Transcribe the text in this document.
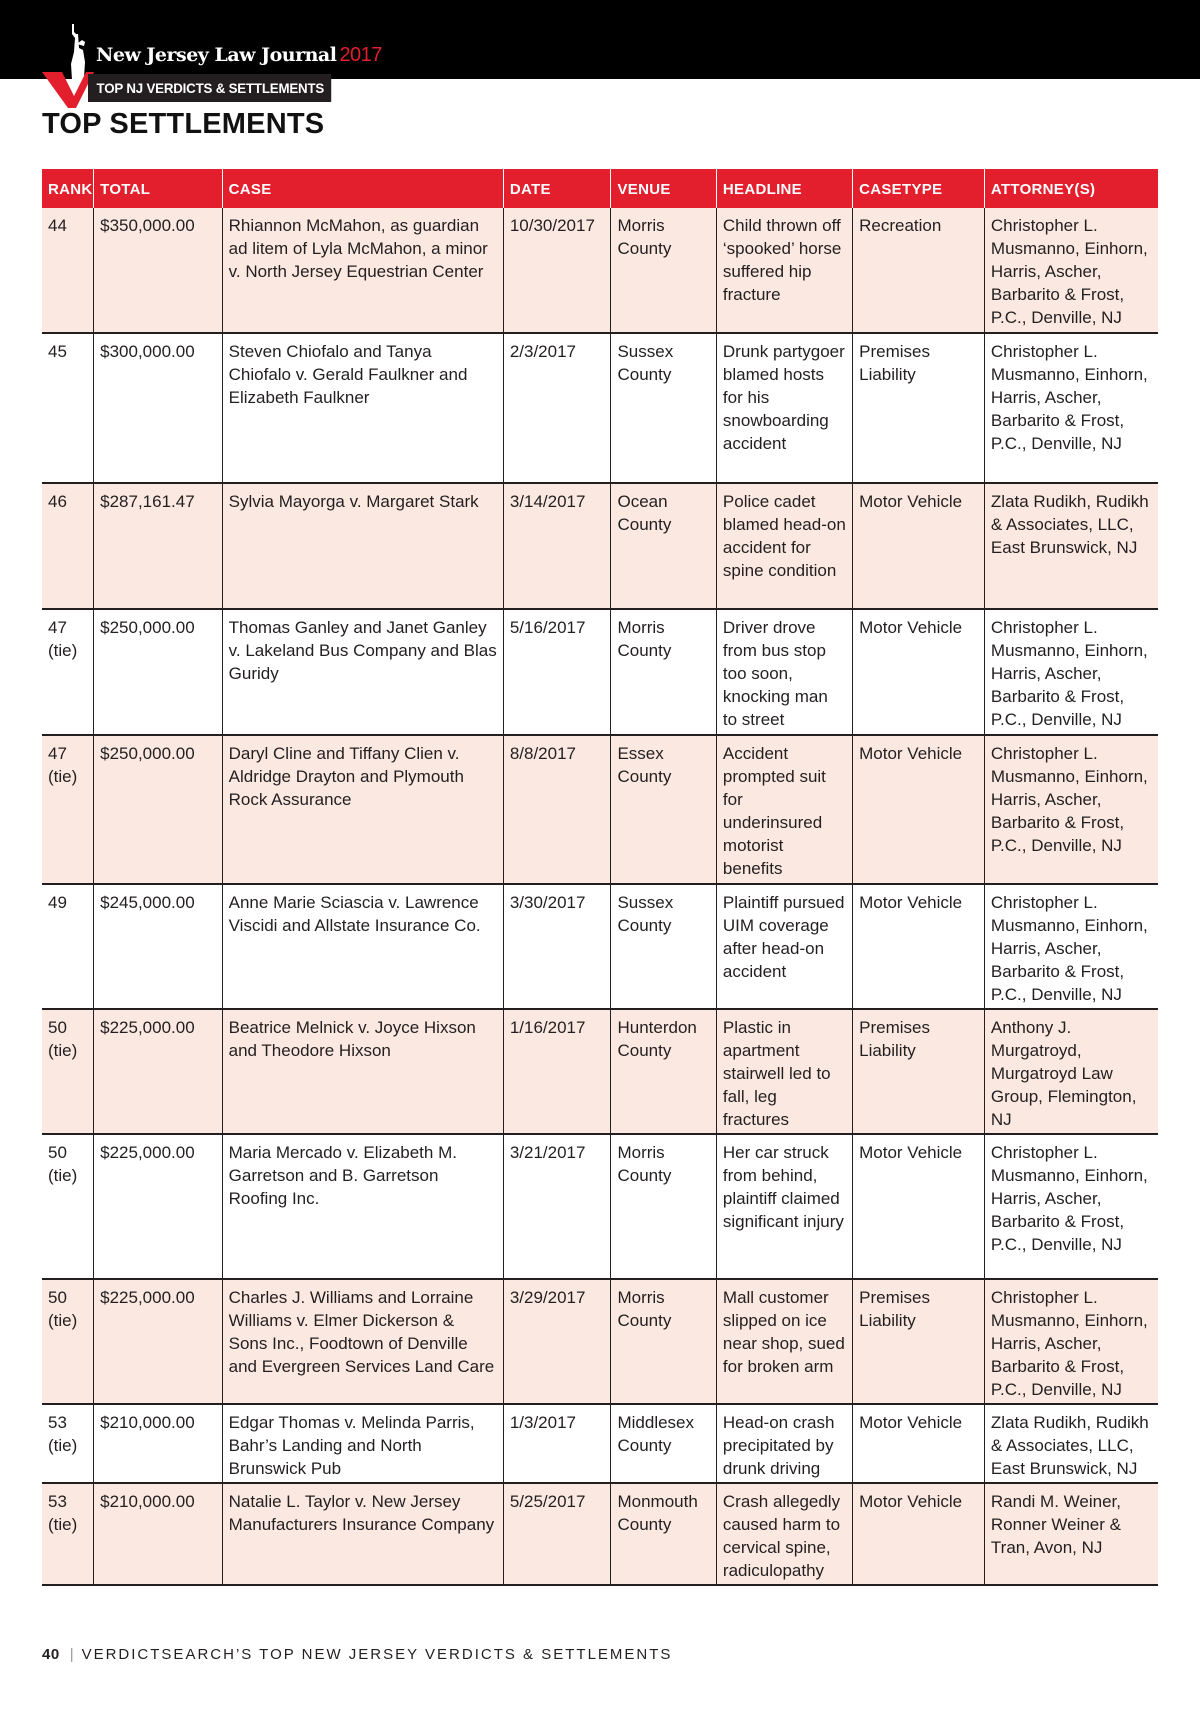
New Jersey Law Journal 2017
TOP NJ VERDICTS & SETTLEMENTS
TOP SETTLEMENTS
RANK	TOTAL	CASE	DATE	VENUE	HEADLINE	CASETYPE	ATTORNEY(S)
44	$350,000.00	Rhiannon McMahon, as guardian ad litem of Lyla McMahon, a minor v. North Jersey Equestrian Center	10/30/2017	Morris County	Child thrown off ‘spooked’ horse suffered hip fracture	Recreation	Christopher L. Musmanno, Einhorn, Harris, Ascher, Barbarito & Frost, P.C., Denville, NJ
45	$300,000.00	Steven Chiofalo and Tanya Chiofalo v. Gerald Faulkner and Elizabeth Faulkner	2/3/2017	Sussex County	Drunk partygoer blamed hosts for his snowboarding accident	Premises Liability	Christopher L. Musmanno, Einhorn, Harris, Ascher, Barbarito & Frost, P.C., Denville, NJ
46	$287,161.47	Sylvia Mayorga v. Margaret Stark	3/14/2017	Ocean County	Police cadet blamed head-on accident for spine condition	Motor Vehicle	Zlata Rudikh, Rudikh & Associates, LLC, East Brunswick, NJ
47 (tie)	$250,000.00	Thomas Ganley and Janet Ganley v. Lakeland Bus Company and Blas Guridy	5/16/2017	Morris County	Driver drove from bus stop too soon, knocking man to street	Motor Vehicle	Christopher L. Musmanno, Einhorn, Harris, Ascher, Barbarito & Frost, P.C., Denville, NJ
47 (tie)	$250,000.00	Daryl Cline and Tiffany Clien v. Aldridge Drayton and Plymouth Rock Assurance	8/8/2017	Essex County	Accident prompted suit for underinsured motorist benefits	Motor Vehicle	Christopher L. Musmanno, Einhorn, Harris, Ascher, Barbarito & Frost, P.C., Denville, NJ
49	$245,000.00	Anne Marie Sciascia v. Lawrence Viscidi and Allstate Insurance Co.	3/30/2017	Sussex County	Plaintiff pursued UIM coverage after head-on accident	Motor Vehicle	Christopher L. Musmanno, Einhorn, Harris, Ascher, Barbarito & Frost, P.C., Denville, NJ
50 (tie)	$225,000.00	Beatrice Melnick v. Joyce Hixson and Theodore Hixson	1/16/2017	Hunterdon County	Plastic in apartment stairwell led to fall, leg fractures	Premises Liability	Anthony J. Murgatroyd, Murgatroyd Law Group, Flemington, NJ
50 (tie)	$225,000.00	Maria Mercado v. Elizabeth M. Garretson and B. Garretson Roofing Inc.	3/21/2017	Morris County	Her car struck from behind, plaintiff claimed significant injury	Motor Vehicle	Christopher L. Musmanno, Einhorn, Harris, Ascher, Barbarito & Frost, P.C., Denville, NJ
50 (tie)	$225,000.00	Charles J. Williams and Lorraine Williams v. Elmer Dickerson & Sons Inc., Foodtown of Denville and Evergreen Services Land Care	3/29/2017	Morris County	Mall customer slipped on ice near shop, sued for broken arm	Premises Liability	Christopher L. Musmanno, Einhorn, Harris, Ascher, Barbarito & Frost, P.C., Denville, NJ
53 (tie)	$210,000.00	Edgar Thomas v. Melinda Parris, Bahr’s Landing and North Brunswick Pub	1/3/2017	Middlesex County	Head-on crash precipitated by drunk driving	Motor Vehicle	Zlata Rudikh, Rudikh & Associates, LLC, East Brunswick, NJ
53 (tie)	$210,000.00	Natalie L. Taylor v. New Jersey Manufacturers Insurance Company	5/25/2017	Monmouth County	Crash allegedly caused harm to cervical spine, radiculopathy	Motor Vehicle	Randi M. Weiner, Ronner Weiner & Tran, Avon, NJ
40 | VERDICTSEARCH’S TOP NEW JERSEY VERDICTS & SETTLEMENTS
